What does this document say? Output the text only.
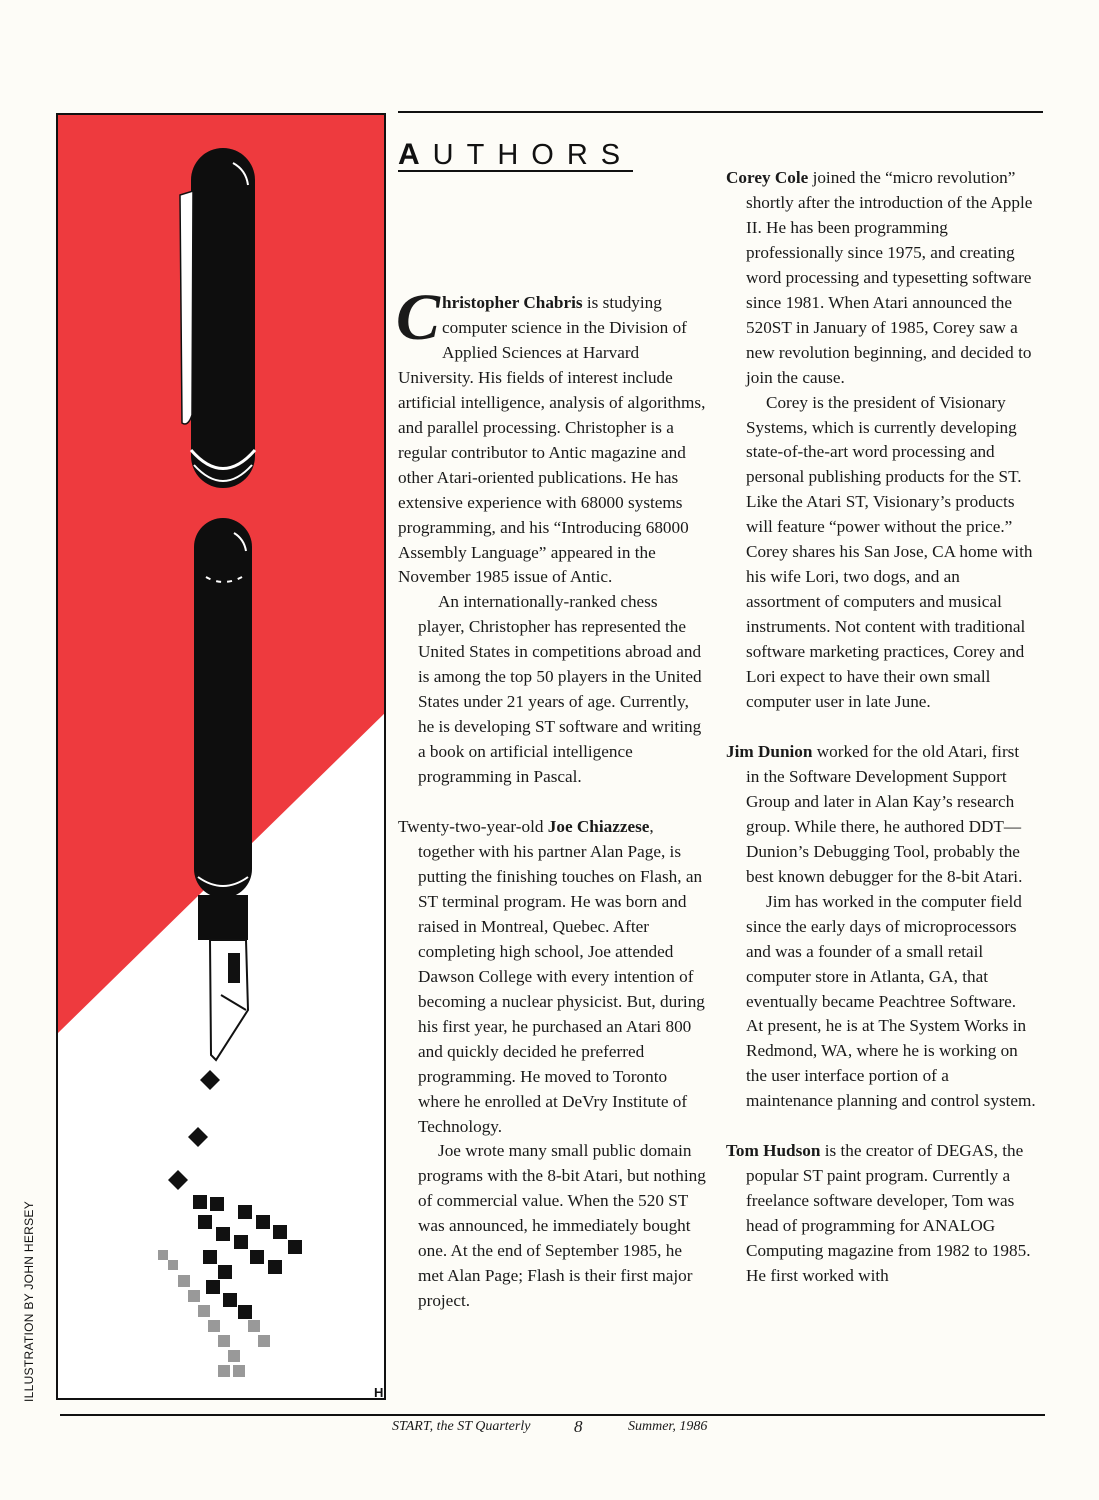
H
ILLUSTRATION BY JOHN HERSEY
AUTHORS

Christopher Chabris is studying computer science in the Division of Applied Sciences at Harvard University. His fields of interest include artificial intelligence, analysis of algorithms, and parallel processing. Christopher is a regular contributor to Antic magazine and other Atari-oriented publications. He has extensive experience with 68000 systems programming, and his “Introducing 68000 Assembly Language” appeared in the November 1985 issue of Antic.

An internationally-ranked chess player, Christopher has represented the United States in competitions abroad and is among the top 50 players in the United States under 21 years of age. Currently, he is developing ST software and writing a book on artificial intelligence programming in Pascal.

Twenty-two-year-old Joe Chiazzese, together with his partner Alan Page, is putting the finishing touches on Flash, an ST terminal program. He was born and raised in Montreal, Quebec. After completing high school, Joe attended Dawson College with every intention of becoming a nuclear physicist. But, during his first year, he purchased an Atari 800 and quickly decided he preferred programming. He moved to Toronto where he enrolled at DeVry Institute of Technology.

Joe wrote many small public domain programs with the 8-bit Atari, but nothing of commercial value. When the 520 ST was announced, he immediately bought one. At the end of September 1985, he met Alan Page; Flash is their first major project.

Corey Cole joined the “micro revolution” shortly after the introduction of the Apple II. He has been programming professionally since 1975, and creating word processing and typesetting software since 1981. When Atari announced the 520ST in January of 1985, Corey saw a new revolution beginning, and decided to join the cause.

Corey is the president of Visionary Systems, which is currently developing state-of-the-art word processing and personal publishing products for the ST. Like the Atari ST, Visionary’s products will feature “power without the price.” Corey shares his San Jose, CA home with his wife Lori, two dogs, and an assortment of computers and musical instruments. Not content with traditional software marketing practices, Corey and Lori expect to have their own small computer user in late June.

Jim Dunion worked for the old Atari, first in the Software Development Support Group and later in Alan Kay’s research group. While there, he authored DDT—Dunion’s Debugging Tool, probably the best known debugger for the 8-bit Atari.

Jim has worked in the computer field since the early days of microprocessors and was a founder of a small retail computer store in Atlanta, GA, that eventually became Peachtree Software. At present, he is at The System Works in Redmond, WA, where he is working on the user interface portion of a maintenance planning and control system.

Tom Hudson is the creator of DEGAS, the popular ST paint program. Currently a freelance software developer, Tom was head of programming for ANALOG Computing magazine from 1982 to 1985. He first worked with

START, the ST Quarterly	8	Summer, 1986
